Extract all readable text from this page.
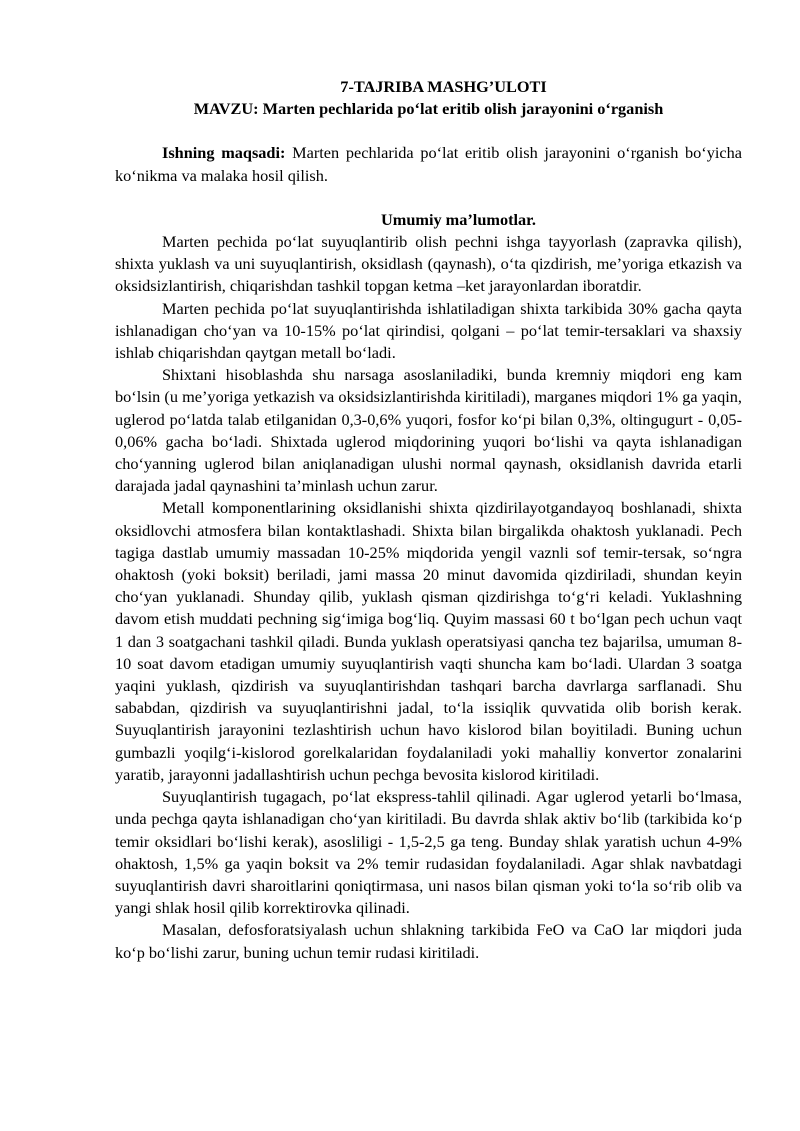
7-TAJRIBA MASHG’ULOTI

MAVZU: Marten pechlarida po‘lat eritib olish jarayonini o‘rganish

Ishning maqsadi: Marten pechlarida po‘lat eritib olish jarayonini o‘rganish bo‘yicha ko‘nikma va malaka hosil qilish.

Umumiy ma’lumotlar.

Marten pechida po‘lat suyuqlantirib olish pechni ishga tayyorlash (zapravka qilish), shixta yuklash va uni suyuqlantirish, oksidlash (qaynash), o‘ta qizdirish, me’yoriga etkazish va oksidsizlantirish, chiqarishdan tashkil topgan ketma –ket jarayonlardan iboratdir.

Marten pechida po‘lat suyuqlantirishda ishlatiladigan shixta tarkibida 30% gacha qayta ishlanadigan cho‘yan va 10-15% po‘lat qirindisi, qolgani – po‘lat temir-tersaklari va shaxsiy ishlab chiqarishdan qaytgan metall bo‘ladi.

Shixtani hisoblashda shu narsaga asoslaniladiki, bunda kremniy miqdori eng kam bo‘lsin (u me’yoriga yetkazish va oksidsizlantirishda kiritiladi), marganes miqdori 1% ga yaqin, uglerod po‘latda talab etilganidan 0,3-0,6% yuqori, fosfor ko‘pi bilan 0,3%, oltingugurt - 0,05-0,06% gacha bo‘ladi. Shixtada uglerod miqdorining yuqori bo‘lishi va qayta ishlanadigan cho‘yanning uglerod bilan aniqlanadigan ulushi normal qaynash, oksidlanish davrida etarli darajada jadal qaynashini ta’minlash uchun zarur.

Metall komponentlarining oksidlanishi shixta qizdirilayotgandayoq boshlanadi, shixta oksidlovchi atmosfera bilan kontaktlashadi. Shixta bilan birgalikda ohaktosh yuklanadi. Pech tagiga dastlab umumiy massadan 10-25% miqdorida yengil vaznli sof temir-tersak, so‘ngra ohaktosh (yoki boksit) beriladi, jami massa 20 minut davomida qizdiriladi, shundan keyin cho‘yan yuklanadi. Shunday qilib, yuklash qisman qizdirishga to‘g‘ri keladi. Yuklashning davom etish muddati pechning sig‘imiga bog‘liq. Quyim massasi 60 t bo‘lgan pech uchun vaqt 1 dan 3 soatgachani tashkil qiladi. Bunda yuklash operatsiyasi qancha tez bajarilsa, umuman 8-10 soat davom etadigan umumiy suyuqlantirish vaqti shuncha kam bo‘ladi. Ulardan 3 soatga yaqini yuklash, qizdirish va suyuqlantirishdan tashqari barcha davrlarga sarflanadi. Shu sababdan, qizdirish va suyuqlantirishni jadal, to‘la issiqlik quvvatida olib borish kerak. Suyuqlantirish jarayonini tezlashtirish uchun havo kislorod bilan boyitiladi. Buning uchun gumbazli yoqilg‘i-kislorod gorelkalaridan foydalaniladi yoki mahalliy konvertor zonalarini yaratib, jarayonni jadallashtirish uchun pechga bevosita kislorod kiritiladi.

Suyuqlantirish tugagach, po‘lat ekspress-tahlil qilinadi. Agar uglerod yetarli bo‘lmasa, unda pechga qayta ishlanadigan cho‘yan kiritiladi. Bu davrda shlak aktiv bo‘lib (tarkibida ko‘p temir oksidlari bo‘lishi kerak), asosliligi - 1,5-2,5 ga teng. Bunday shlak yaratish uchun 4-9% ohaktosh, 1,5% ga yaqin boksit va 2% temir rudasidan foydalaniladi. Agar shlak navbatdagi suyuqlantirish davri sharoitlarini qoniqtirmasa, uni nasos bilan qisman yoki to‘la so‘rib olib va yangi shlak hosil qilib korrektirovka qilinadi.

Masalan, defosforatsiyalash uchun shlakning tarkibida FeO va CaO lar miqdori juda ko‘p bo‘lishi zarur, buning uchun temir rudasi kiritiladi.
